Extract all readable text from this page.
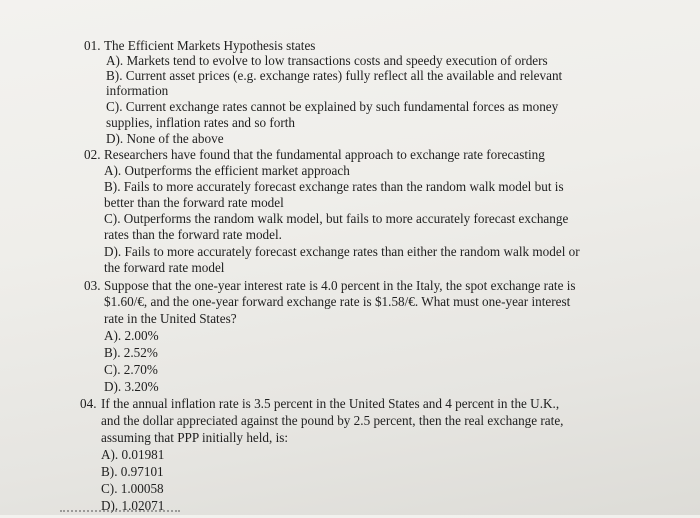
01. The Efficient Markets Hypothesis states
A). Markets tend to evolve to low transactions costs and speedy execution of orders
B). Current asset prices (e.g. exchange rates) fully reflect all the available and relevant
information
C). Current exchange rates cannot be explained by such fundamental forces as money
supplies, inflation rates and so forth
D). None of the above
02. Researchers have found that the fundamental approach to exchange rate forecasting
A). Outperforms the efficient market approach
B). Fails to more accurately forecast exchange rates than the random walk model but is
better than the forward rate model
C). Outperforms the random walk model, but fails to more accurately forecast exchange
rates than the forward rate model.
D). Fails to more accurately forecast exchange rates than either the random walk model or
the forward rate model
03. Suppose that the one-year interest rate is 4.0 percent in the Italy, the spot exchange rate is
$1.60/€, and the one-year forward exchange rate is $1.58/€. What must one-year interest
rate in the United States?
A). 2.00%
B). 2.52%
C). 2.70%
D). 3.20%
04. If the annual inflation rate is 3.5 percent in the United States and 4 percent in the U.K.,
and the dollar appreciated against the pound by 2.5 percent, then the real exchange rate,
assuming that PPP initially held, is:
A). 0.01981
B). 0.97101
C). 1.00058
D). 1.02071
